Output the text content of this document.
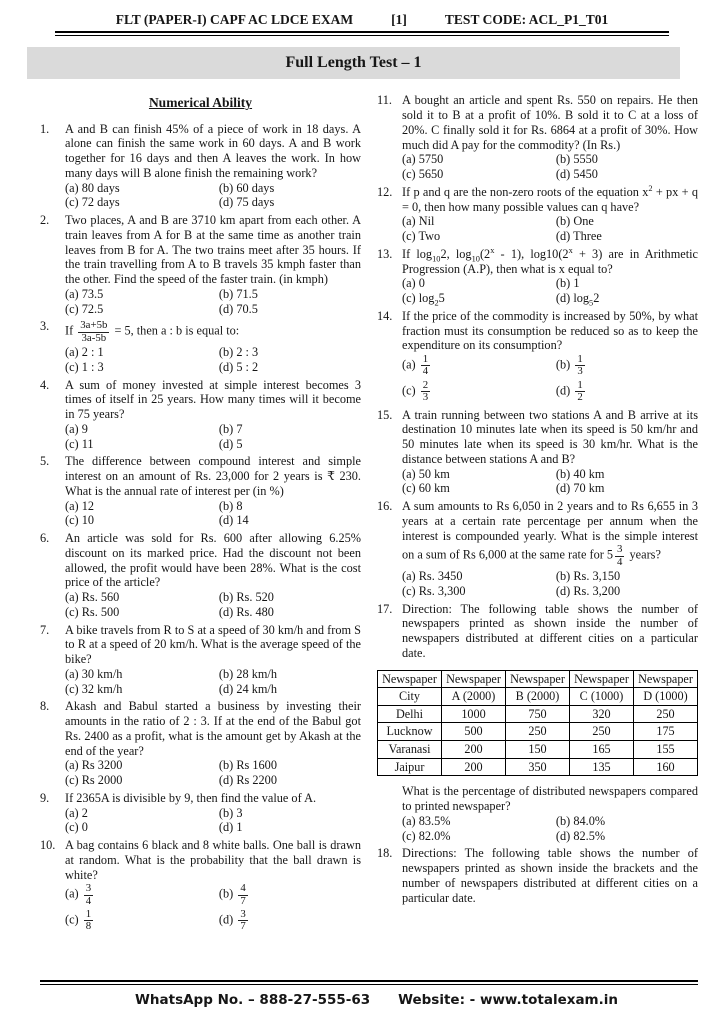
FLT (PAPER-I) CAPF AC LDCE EXAM	[1]	TEST CODE: ACL_P1_T01
Full Length Test – 1
Numerical Ability
1.	A and B can finish 45% of a piece of work in 18 days. A alone can finish the same work in 60 days. A and B work together for 16 days and then A leaves the work. In how many days will B alone finish the remaining work?
(a) 80 days	(b) 60 days
(c) 72 days	(d) 75 days
2.	Two places, A and B are 3710 km apart from each other. A train leaves from A for B at the same time as another train leaves from B for A. The two trains meet after 35 hours. If the train travelling from A to B travels 35 kmph faster than the other. Find the speed of the faster train. (in kmph)
(a) 73.5	(b) 71.5
(c) 72.5	(d) 70.5
3.	If $\frac{3a+5b}{3a-5b} = 5$, then a : b is equal to:
(a) 2 : 1	(b) 2 : 3
(c) 1 : 3	(d) 5 : 2
4.	A sum of money invested at simple interest becomes 3 times of itself in 25 years. How many times will it become in 75 years?
(a) 9	(b) 7
(c) 11	(d) 5
5.	The difference between compound interest and simple interest on an amount of Rs. 23,000 for 2 years is ₹ 230. What is the annual rate of interest per (in %)
(a) 12	(b) 8
(c) 10	(d) 14
6.	An article was sold for Rs. 600 after allowing 6.25% discount on its marked price. Had the discount not been allowed, the profit would have been 28%. What is the cost price of the article?
(a) Rs. 560	(b) Rs. 520
(c) Rs. 500	(d) Rs. 480
7.	A bike travels from R to S at a speed of 30 km/h and from S to R at a speed of 20 km/h. What is the average speed of the bike?
(a) 30 km/h	(b) 28 km/h
(c) 32 km/h	(d) 24 km/h
8.	Akash and Babul started a business by investing their amounts in the ratio of 2 : 3. If at the end of the Babul got Rs. 2400 as a profit, what is the amount get by Akash at the end of the year?
(a) Rs 3200	(b) Rs 1600
(c) Rs 2000	(d) Rs 2200
9.	If 2365A is divisible by 9, then find the value of A.
(a) 2	(b) 3
(c) 0	(d) 1
10. A bag contains 6 black and 8 white balls. One ball is drawn at random. What is the probability that the ball drawn is white?
$(a) \frac{3}{4}$	$(b) \frac{4}{7}$
$(c) \frac{1}{8}$	$(d) \frac{3}{7}$
11. A bought an article and spent Rs. 550 on repairs. He then sold it to B at a profit of 10%. B sold it to C at a loss of 20%. C finally sold it for Rs. 6864 at a profit of 30%. How much did A pay for the commodity? (In Rs.)
(a) 5750	(b) 5550
(c) 5650	(d) 5450
12. If p and q are the non-zero roots of the equation $x^2$ + px + q = 0, then how many possible values can q have?
(a) Nil	(b) One
(c) Two	(d) Three
13. If $\log_{10}2$, $\log_{10}(2^x - 1)$, $\log 10(2^x + 3)$ are in Arithmetic Progression (A.P), then what is x equal to?
(a) 0	(b) 1
(c) $\log_25$	(d) $\log_52$
14. If the price of the commodity is increased by 50%, by what fraction must its consumption be reduced so as to keep the expenditure on its consumption?
$(a) \frac{1}{4}$	$(b) \frac{1}{3}$
$(c) \frac{2}{3}$	$(d) \frac{1}{2}$
15. A train running between two stations A and B arrive at its destination 10 minutes late when its speed is 50 km/hr and 50 minutes late when its speed is 30 km/hr. What is the distance between stations A and B?
(a) 50 km	(b) 40 km
(c) 60 km	(d) 70 km
16. A sum amounts to Rs 6,050 in 2 years and to Rs 6,655 in 3 years at a certain rate percentage per annum when the interest is compounded yearly. What is the simple interest on a sum of Rs 6,000 at the same rate for $5 \frac{3}{4}$ years?
(a) Rs. 3450	(b) Rs. 3,150
(c) Rs. 3,300	(d) Rs. 3,200
17. Direction: The following table shows the number of newspapers printed as shown inside the number of newspapers distributed at different cities on a particular date.
Newspaper	Newspaper	Newspaper	Newspaper	Newspaper
City	A (2000)	B (2000)	C (1000)	D (1000)
Delhi	1000	750	320	250
Lucknow	500	250	250	175
Varanasi	200	150	165	155
Jaipur	200	350	135	160
What is the percentage of distributed newspapers compared to printed newspaper?
(a) 83.5%	(b) 84.0%
(c) 82.0%	(d) 82.5%
18. Directions: The following table shows the number of newspapers printed as shown inside the brackets and the number of newspapers distributed at different cities on a particular date.
WhatsApp No. – 888-27-555-63 Website: - www.totalexam.in
